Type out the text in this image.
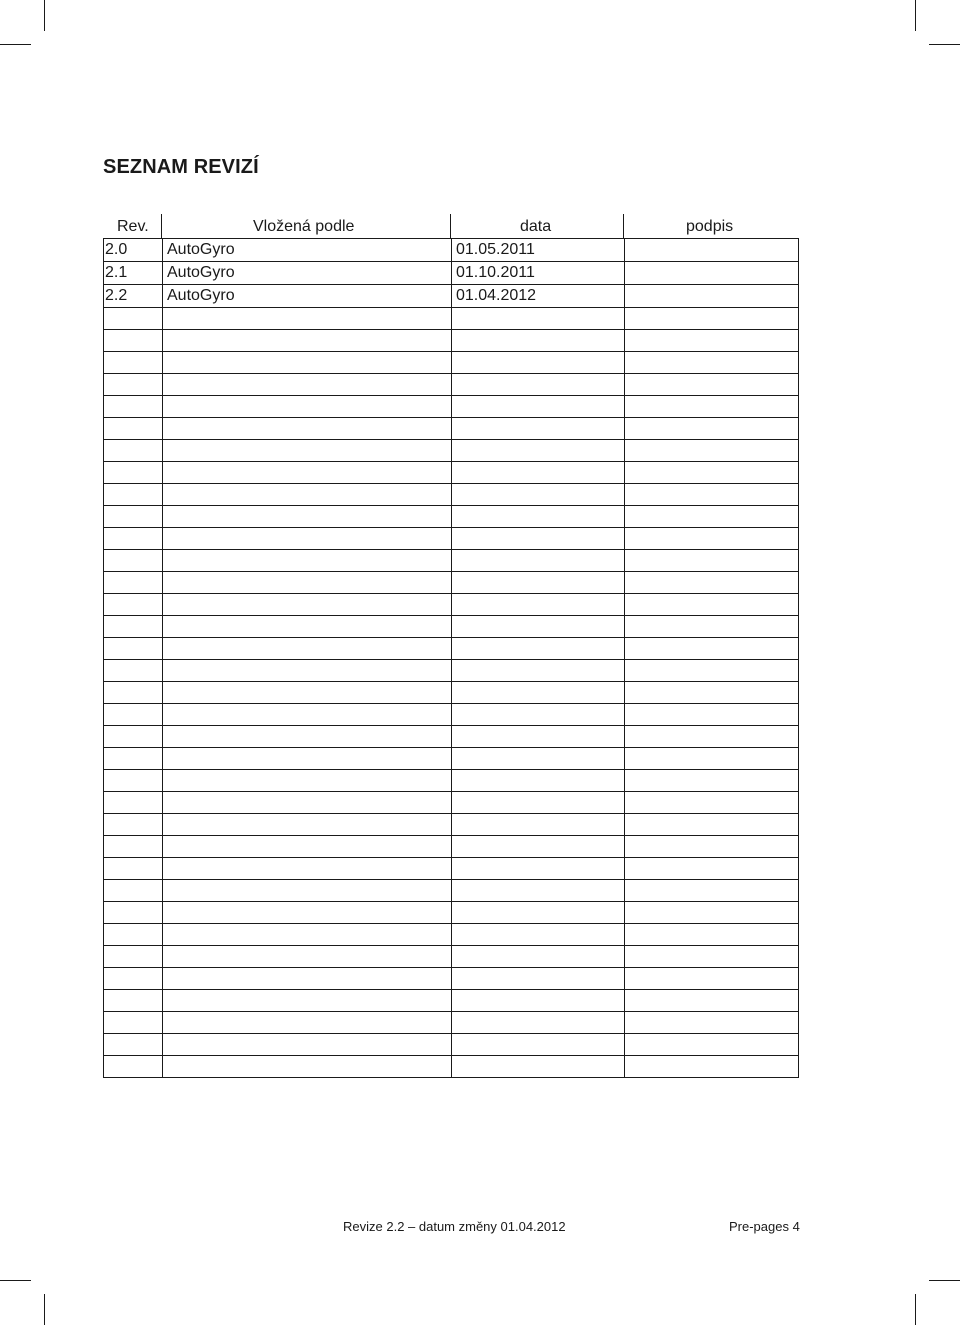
SEZNAM REVIZÍ
Rev.	Vložená podle	data	podpis
2.0	AutoGyro	01.05.2011	
2.1	AutoGyro	01.10.2011	
2.2	AutoGyro	01.04.2012	

Revize 2.2 – datum změny 01.04.2012	Pre-pages 4
